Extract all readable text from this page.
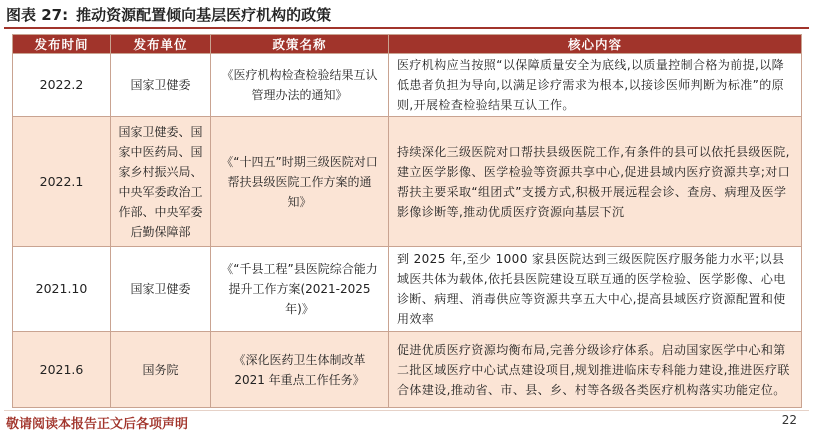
图表 27: 推动资源配置倾向基层医疗机构的政策
发布时间	发布单位	政策名称	核心内容
2022.2	国家卫健委	《医疗机构检查检验结果互认管理办法的通知》	医疗机构应当按照“以保障质量安全为底线,以质量控制合格为前提,以降低患者负担为导向,以满足诊疗需求为根本,以接诊医师判断为标准”的原则,开展检查检验结果互认工作。
2022.1	国家卫健委、国家中医药局、国家乡村振兴局、中央军委政治工作部、中央军委后勤保障部	《“十四五”时期三级医院对口帮扶县级医院工作方案的通知》	持续深化三级医院对口帮扶县级医院工作,有条件的县可以依托县级医院,建立医学影像、医学检验等资源共享中心,促进县域内医疗资源共享;对口帮扶主要采取“组团式”支援方式,积极开展远程会诊、查房、病理及医学影像诊断等,推动优质医疗资源向基层下沉
2021.10	国家卫健委	《“千县工程”县医院综合能力提升工作方案(2021-2025年)》	到 2025 年,至少 1000 家县医院达到三级医院医疗服务能力水平;以县域医共体为载体,依托县医院建设互联互通的医学检验、医学影像、心电诊断、病理、消毒供应等资源共享五大中心,提高县域医疗资源配置和使用效率
2021.6	国务院	《深化医药卫生体制改革 2021 年重点工作任务》	促进优质医疗资源均衡布局,完善分级诊疗体系。启动国家医学中心和第二批区域医疗中心试点建设项目,规划推进临床专科能力建设,推进医疗联合体建设,推动省、市、县、乡、村等各级各类医疗机构落实功能定位。
敬请阅读本报告正文后各项声明	22
